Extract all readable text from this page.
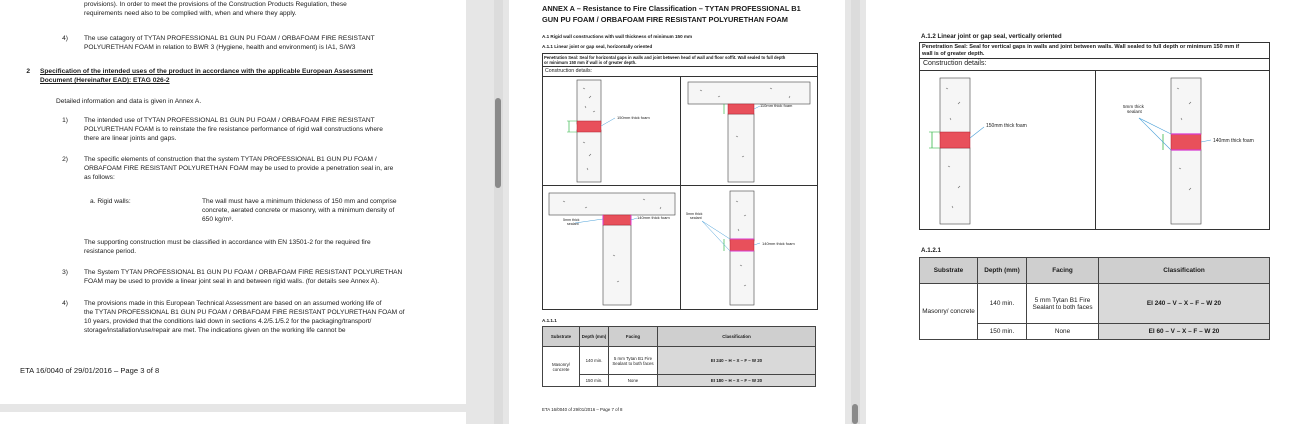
provisions). In order to meet the provisions of the Construction Products Regulation, these

requirements need also to be complied with, when and where they apply.

4) The use catagory of TYTAN PROFESSIONAL B1 GUN PU FOAM / ORBAFOAM FIRE RESISTANT

POLYURETHAN FOAM in relation to BWR 3 (Hygiene, health and environment) is IA1, S/W3

2 Specification of the intended uses of the product in accordance with the applicable European Assessment

Document (Hereinafter EAD): ETAG 026-2

Detailed information and data is given in Annex A.

1) The intended use of TYTAN PROFESSIONAL B1 GUN PU FOAM / ORBAFOAM FIRE RESISTANT

POLYURETHAN FOAM is to reinstate the fire resistance performance of rigid wall constructions where

there are linear joints and gaps.

2) The specific elements of construction that the system TYTAN PROFESSIONAL B1 GUN PU FOAM /

ORBAFOAM FIRE RESISTANT POLYURETHAN FOAM may be used to provide a penetration seal in, are

as follows:

a. Rigid walls:	The wall must have a minimum thickness of 150 mm and comprise

concrete, aerated concrete or masonry, with a minimum density of

650 kg/m³.

The supporting construction must be classified in accordance with EN 13501-2 for the required fire

resistance period.

3) The System TYTAN PROFESSIONAL B1 GUN PU FOAM / ORBAFOAM FIRE RESISTANT POLYURETHAN

FOAM may be used to provide a linear joint seal in and between rigid walls. (for details see Annex A).

4) The provisions made in this European Technical Assessment are based on an assumed working life of

the TYTAN PROFESSIONAL B1 GUN PU FOAM / ORBAFOAM FIRE RESISTANT POLYURETHAN FOAM of

10 years, provided that the conditions laid down in sections 4.2/5.1/5.2 for the packaging/transport/

storage/installation/use/repair are met. The indications given on the working life cannot be

ETA 16/0040 of 29/01/2016 – Page 3 of 8
ANNEX A – Resistance to Fire Classification – TYTAN PROFESSIONAL B1
GUN PU FOAM / ORBAFOAM FIRE RESISTANT POLYURETHAN FOAM
A.1 Rigid wall constructions with wall thickness of minimum 150 mm
A.1.1 Linear joint or gap seal, horizontally oriented
Penetration Seal: Seal for horizontal gaps in walls and joint between head of wall and floor soffit. Wall sealed to full depth
or minimum 150 mm if wall is of greater depth.
Construction details:
150mm thick foam
110mm thick foam
5mm thick
sealant
140mm thick foam
5mm thick
sealant
140mm thick foam
A.1.1.1
Substrate	Depth (mm)	Facing	Classification
Masonry/ concrete	140 min.	5 mm Tytan B1 Fire Sealant to both faces	EI 240 – H – X – F – W 20
	150 min.	None	EI 180 – H – X – F – W 20
ETA 16/0040 of 29/01/2016 – Page 7 of 8
A.1.2 Linear joint or gap seal, vertically oriented
Penetration Seal: Seal for vertical gaps in walls and joint between walls. Wall sealed to full depth or minimum 150 mm if
wall is of greater depth.
Construction details:
150mm thick foam
5mm thick
sealant
140mm thick foam
A.1.2.1
Substrate	Depth (mm)	Facing	Classification
Masonry/ concrete	140 min.	5 mm Tytan B1 Fire Sealant to both faces	EI 240 – V – X – F – W 20
	150 min.	None	EI 60 – V – X – F – W 20
